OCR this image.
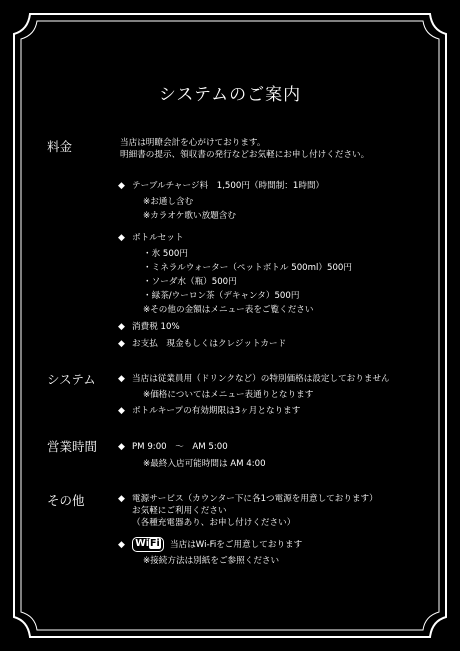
システムのご案内
料金	当店は明瞭会計を心がけております。
明細書の提示、領収書の発行などお気軽にお申し付けください。
◆ テーブルチャージ料　1,500円（時間制：1時間）
※お通し含む
※カラオケ歌い放題含む
◆ ボトルセット
・氷 500円
・ミネラルウォーター（ペットボトル 500ml）500円
・ソーダ水（瓶）500円
・緑茶/ウーロン茶（デキャンタ）500円
※その他の金額はメニュー表をご覧ください
◆ 消費税 10%
◆ お支払　現金もしくはクレジットカード
システム ◆ 当店は従業員用（ドリンクなど）の特別価格は設定しておりません
※価格についてはメニュー表通りとなります
◆ ボトルキープの有効期限は3ヶ月となります
営業時間 ◆ PM 9:00　～　AM 5:00
※最終入店可能時間は AM 4:00
その他	◆ 電源サービス（カウンター下に各1つ電源を用意しております）
お気軽にご利用ください
（各種充電器あり、お申し付けください）
◆	WiFi	当店はWi-Fiをご用意しております
※接続方法は別紙をご参照ください
